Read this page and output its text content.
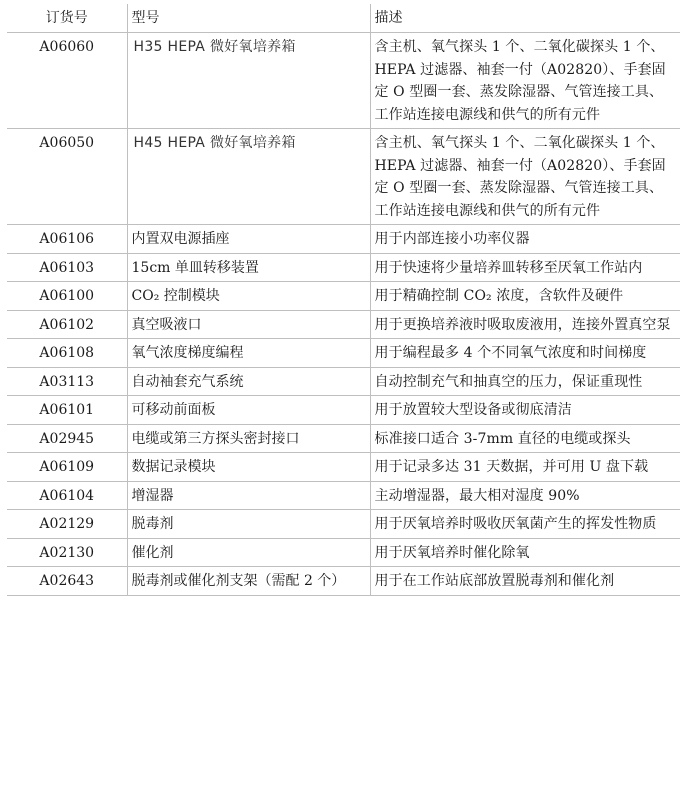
订货号	型号	描述
A06060	H35 HEPA 微好氧培养箱	含主机、氧气探头 1 个、二氧化碳探头 1 个、HEPA 过滤器、袖套一付（A02820）、手套固定 O 型圈一套、蒸发除湿器、气管连接工具、工作站连接电源线和供气的所有元件
A06050	H45 HEPA 微好氧培养箱	含主机、氧气探头 1 个、二氧化碳探头 1 个、HEPA 过滤器、袖套一付（A02820）、手套固定 O 型圈一套、蒸发除湿器、气管连接工具、工作站连接电源线和供气的所有元件
A06106	内置双电源插座	用于内部连接小功率仪器
A06103	15cm 单皿转移装置	用于快速将少量培养皿转移至厌氧工作站内
A06100	CO₂ 控制模块	用于精确控制 CO₂ 浓度，含软件及硬件
A06102	真空吸液口	用于更换培养液时吸取废液用，连接外置真空泵
A06108	氧气浓度梯度编程	用于编程最多 4 个不同氧气浓度和时间梯度
A03113	自动袖套充气系统	自动控制充气和抽真空的压力，保证重现性
A06101	可移动前面板	用于放置较大型设备或彻底清洁
A02945	电缆或第三方探头密封接口	标准接口适合 3-7mm 直径的电缆或探头
A06109	数据记录模块	用于记录多达 31 天数据，并可用 U 盘下载
A06104	增湿器	主动增湿器，最大相对湿度 90%
A02129	脱毒剂	用于厌氧培养时吸收厌氧菌产生的挥发性物质
A02130	催化剂	用于厌氧培养时催化除氧
A02643	脱毒剂或催化剂支架（需配 2 个）	用于在工作站底部放置脱毒剂和催化剂
